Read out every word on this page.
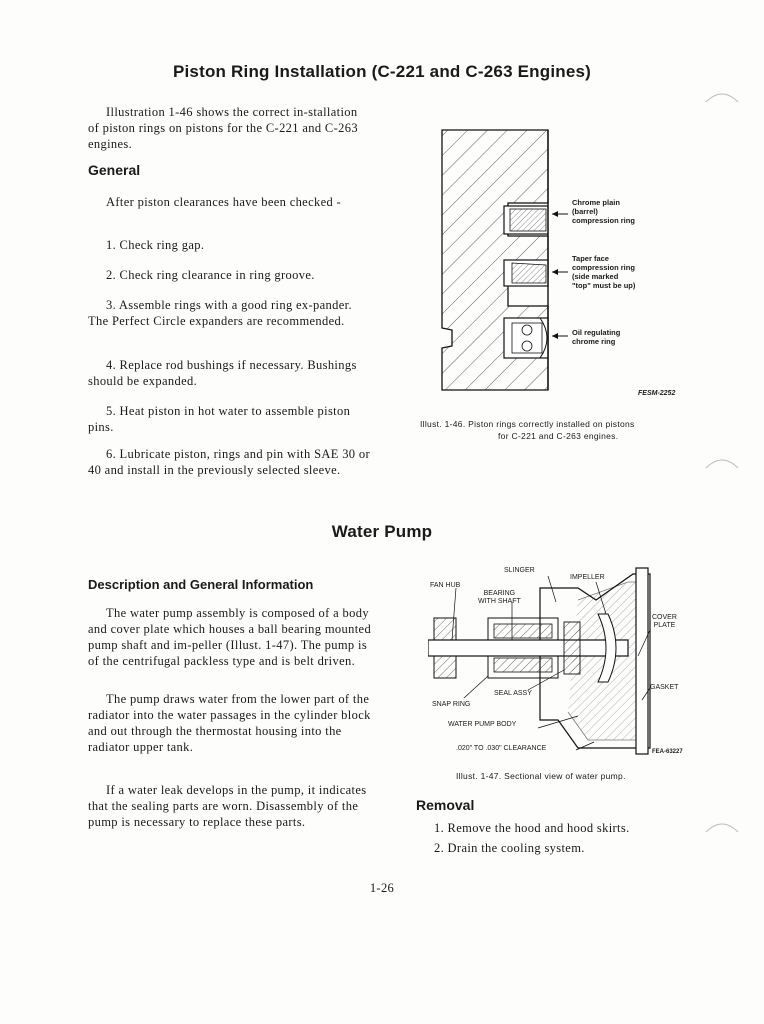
Piston Ring Installation (C-221 and C-263 Engines)
Illustration 1-46 shows the correct in-stallation of piston rings on pistons for the C-221 and C-263 engines.
General
After piston clearances have been checked -
1. Check ring gap.
2. Check ring clearance in ring groove.
3. Assemble rings with a good ring ex-pander. The Perfect Circle expanders are recommended.
4. Replace rod bushings if necessary. Bushings should be expanded.
5. Heat piston in hot water to assemble piston pins.
6. Lubricate piston, rings and pin with SAE 30 or 40 and install in the previously selected sleeve.
Chrome plain
(barrel)
compression ring
Taper face
compression ring
(side marked
"top" must be up)
Oil regulating
chrome ring
FESM-2252
Illust. 1-46. Piston rings correctly installed on pistons
for C-221 and C-263 engines.
Water Pump
Description and General Information
The water pump assembly is composed of a body and cover plate which houses a ball bearing mounted pump shaft and im-peller (Illust. 1-47). The pump is of the centrifugal packless type and is belt driven.
The pump draws water from the lower part of the radiator into the water passages in the cylinder block and out through the thermostat housing into the radiator upper tank.
If a water leak develops in the pump, it indicates that the sealing parts are worn. Disassembly of the pump is necessary to replace these parts.
SLINGER
IMPELLER
FAN HUB
BEARING
WITH SHAFT
COVER
PLATE
GASKET
SEAL ASSY
SNAP RING
WATER PUMP BODY
.020" TO .030" CLEARANCE	FEA-63227
Illust. 1-47. Sectional view of water pump.
Removal
1. Remove the hood and hood skirts.
2. Drain the cooling system.
1-26
